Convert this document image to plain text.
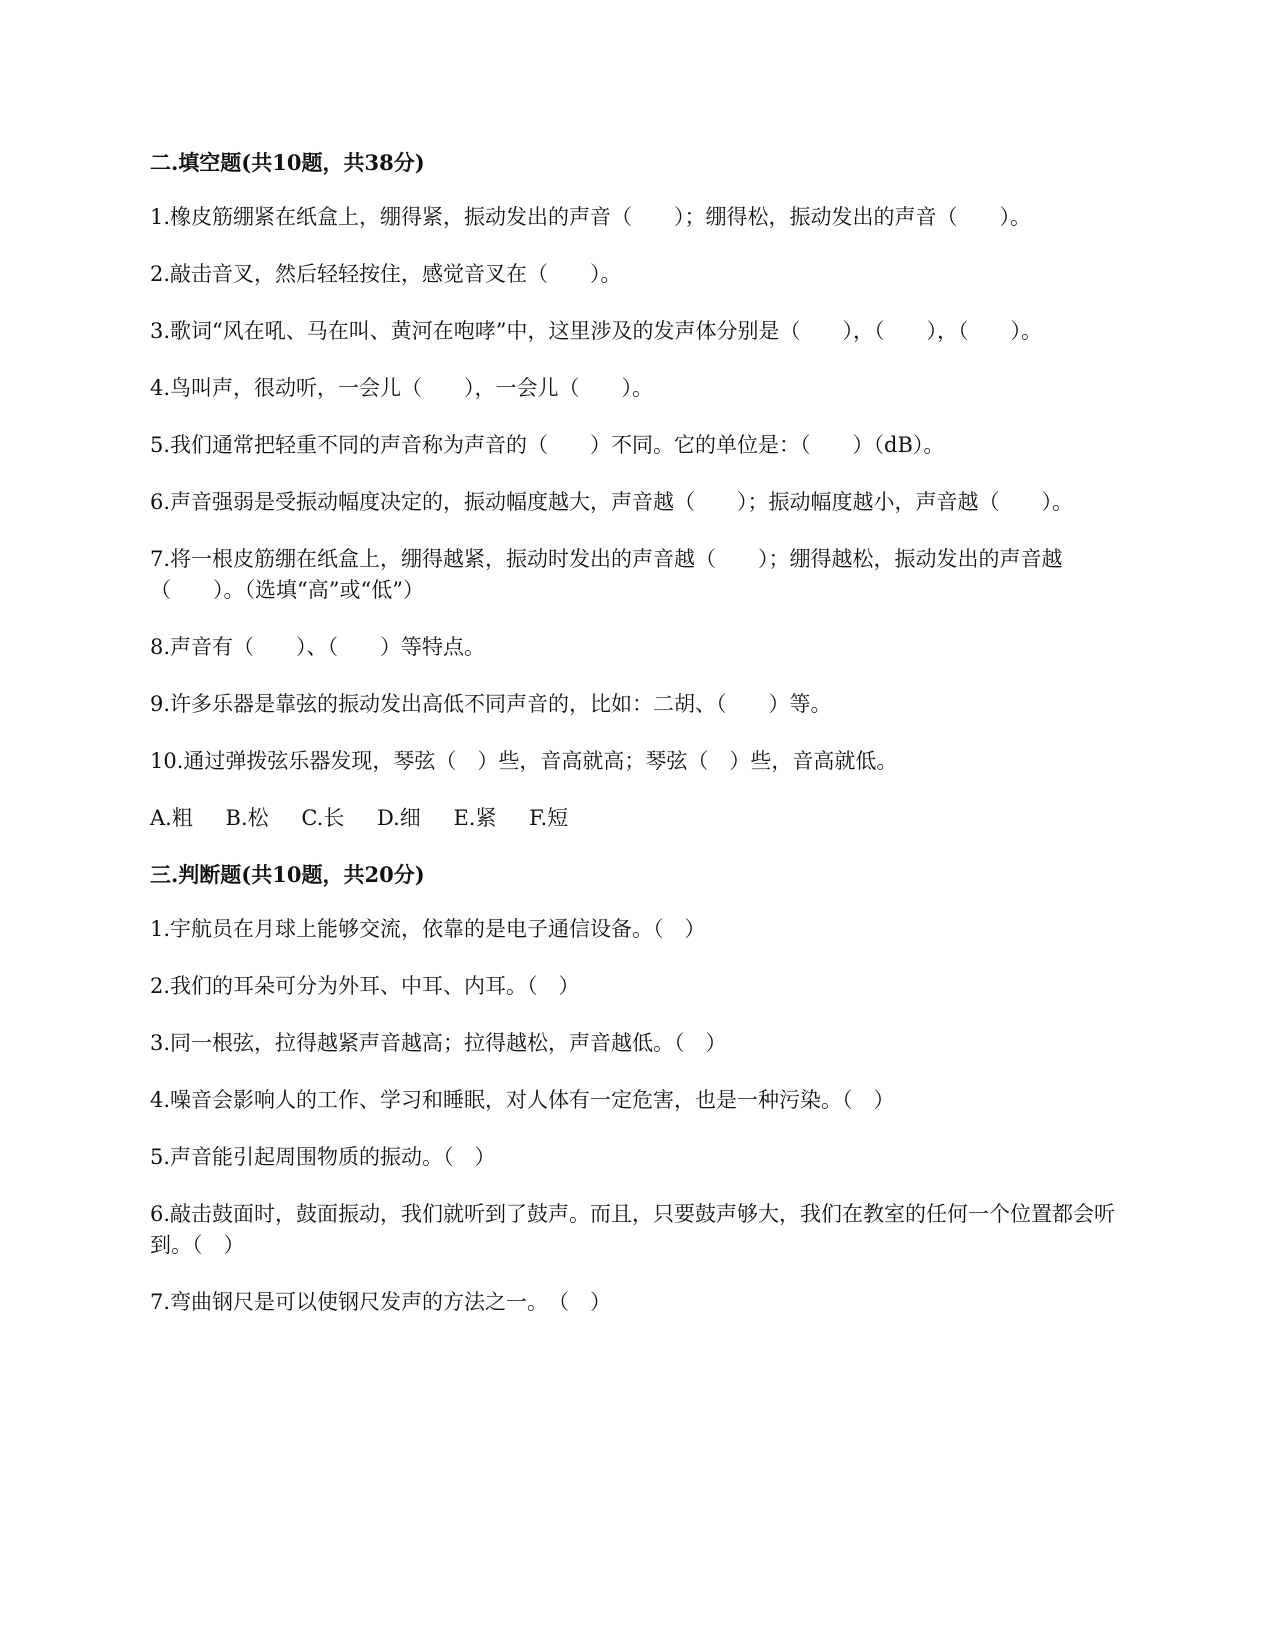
二.填空题(共10题，共38分)
1.橡皮筋绷紧在纸盒上，绷得紧，振动发出的声音（　　）；绷得松，振动发出的声音（　　）。
2.敲击音叉，然后轻轻按住，感觉音叉在（　　）。
3.歌词“风在吼、马在叫、黄河在咆哮”中，这里涉及的发声体分别是（　　），（　　），（　　）。
4.鸟叫声，很动听，一会儿（　　），一会儿（　　）。
5.我们通常把轻重不同的声音称为声音的（　　）不同。它的单位是：（　　）（dB）。
6.声音强弱是受振动幅度决定的，振动幅度越大，声音越（　　）；振动幅度越小，声音越（　　）。
7.将一根皮筋绷在纸盒上，绷得越紧，振动时发出的声音越（　　）；绷得越松，振动发出的声音越（　　）。（选填“高”或“低”）
8.声音有（　　）、（　　）等特点。
9.许多乐器是靠弦的振动发出高低不同声音的，比如：二胡、（　　）等。
10.通过弹拨弦乐器发现，琴弦（　）些，音高就高；琴弦（　）些，音高就低。
A.粗 B.松 C.长 D.细 E.紧 F.短
三.判断题(共10题，共20分)
1.宇航员在月球上能够交流，依靠的是电子通信设备。（　）
2.我们的耳朵可分为外耳、中耳、内耳。（　）
3.同一根弦，拉得越紧声音越高；拉得越松，声音越低。（　）
4.噪音会影响人的工作、学习和睡眠，对人体有一定危害，也是一种污染。（　）
5.声音能引起周围物质的振动。（　）
6.敲击鼓面时，鼓面振动，我们就听到了鼓声。而且，只要鼓声够大，我们在教室的任何一个位置都会听到。（　）
7.弯曲钢尺是可以使钢尺发声的方法之一。　（　）
